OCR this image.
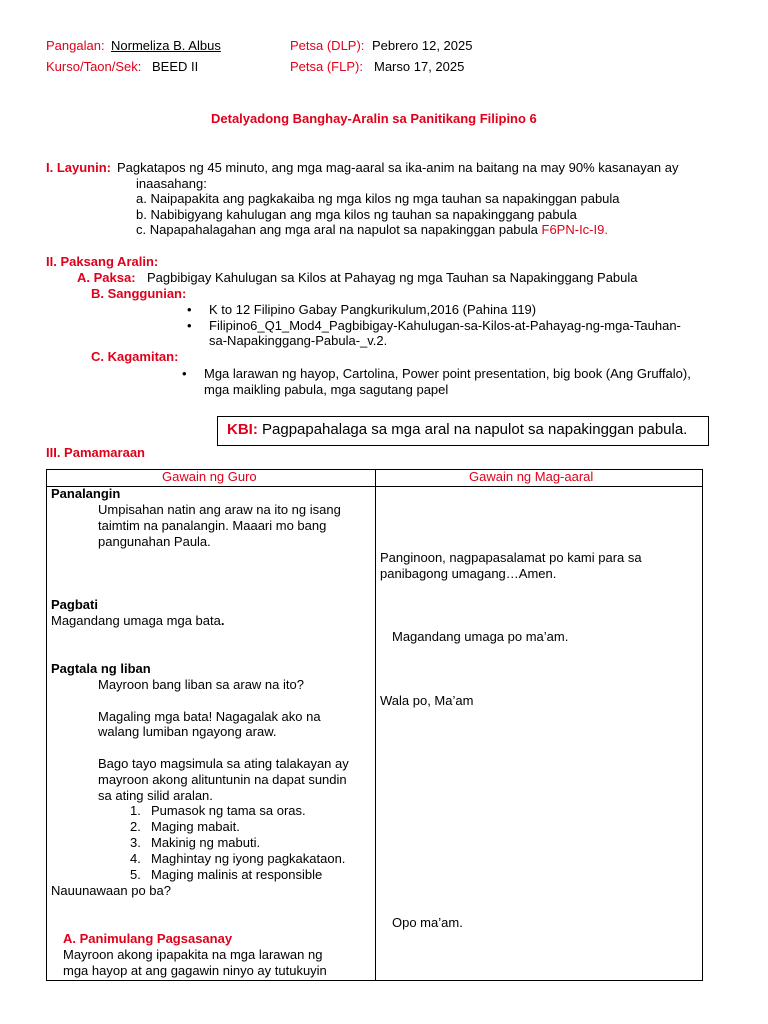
Pangalan: Normeliza B. Albus
Kurso/Taon/Sek: BEED II
Petsa (DLP): Pebrero 12, 2025
Petsa (FLP): Marso 17, 2025
Detalyadong Banghay-Aralin sa Panitikang Filipino 6
I. Layunin: Pagkatapos ng 45 minuto, ang mga mag-aaral sa ika-anim na baitang na may 90% kasanayan ay
inaasahang:
a. Naipapakita ang pagkakaiba ng mga kilos ng mga tauhan sa napakinggan pabula
b. Nabibigyang kahulugan ang mga kilos ng tauhan sa napakinggang pabula
c. Napapahalagahan ang mga aral na napulot sa napakinggan pabula F6PN-Ic-I9.
II. Paksang Aralin:
A. Paksa: Pagbibigay Kahulugan sa Kilos at Pahayag ng mga Tauhan sa Napakinggang Pabula
B. Sanggunian:
• K to 12 Filipino Gabay Pangkurikulum,2016 (Pahina 119)
• Filipino6_Q1_Mod4_Pagbibigay-Kahulugan-sa-Kilos-at-Pahayag-ng-mga-Tauhan-
sa-Napakinggang-Pabula-_v.2.
C. Kagamitan:
• Mga larawan ng hayop, Cartolina, Power point presentation, big book (Ang Gruffalo),
mga maikling pabula, mga sagutang papel
KBI: Pagpapahalaga sa mga aral na napulot sa napakinggan pabula.
III. Pamamaraan
Gawain ng Guro	Gawain ng Mag-aaral
Panalangin
Umpisahan natin ang araw na ito ng isang
taimtim na panalangin. Maaari mo bang
pangunahan Paula.
Panginoon, nagpapasalamat po kami para sa
panibagong umagang…Amen.
Pagbati
Magandang umaga mga bata.
Magandang umaga po ma’am.
Pagtala ng liban
Mayroon bang liban sa araw na ito?
Wala po, Ma’am
Magaling mga bata! Nagagalak ako na
walang lumiban ngayong araw.
Bago tayo magsimula sa ating talakayan ay
mayroon akong alituntunin na dapat sundin
sa ating silid aralan.
1. Pumasok ng tama sa oras.
2. Maging mabait.
3. Makinig ng mabuti.
4. Maghintay ng iyong pagkakataon.
5. Maging malinis at responsible
Nauunawaan po ba?
Opo ma’am.
A. Panimulang Pagsasanay
Mayroon akong ipapakita na mga larawan ng
mga hayop at ang gagawin ninyo ay tutukuyin
